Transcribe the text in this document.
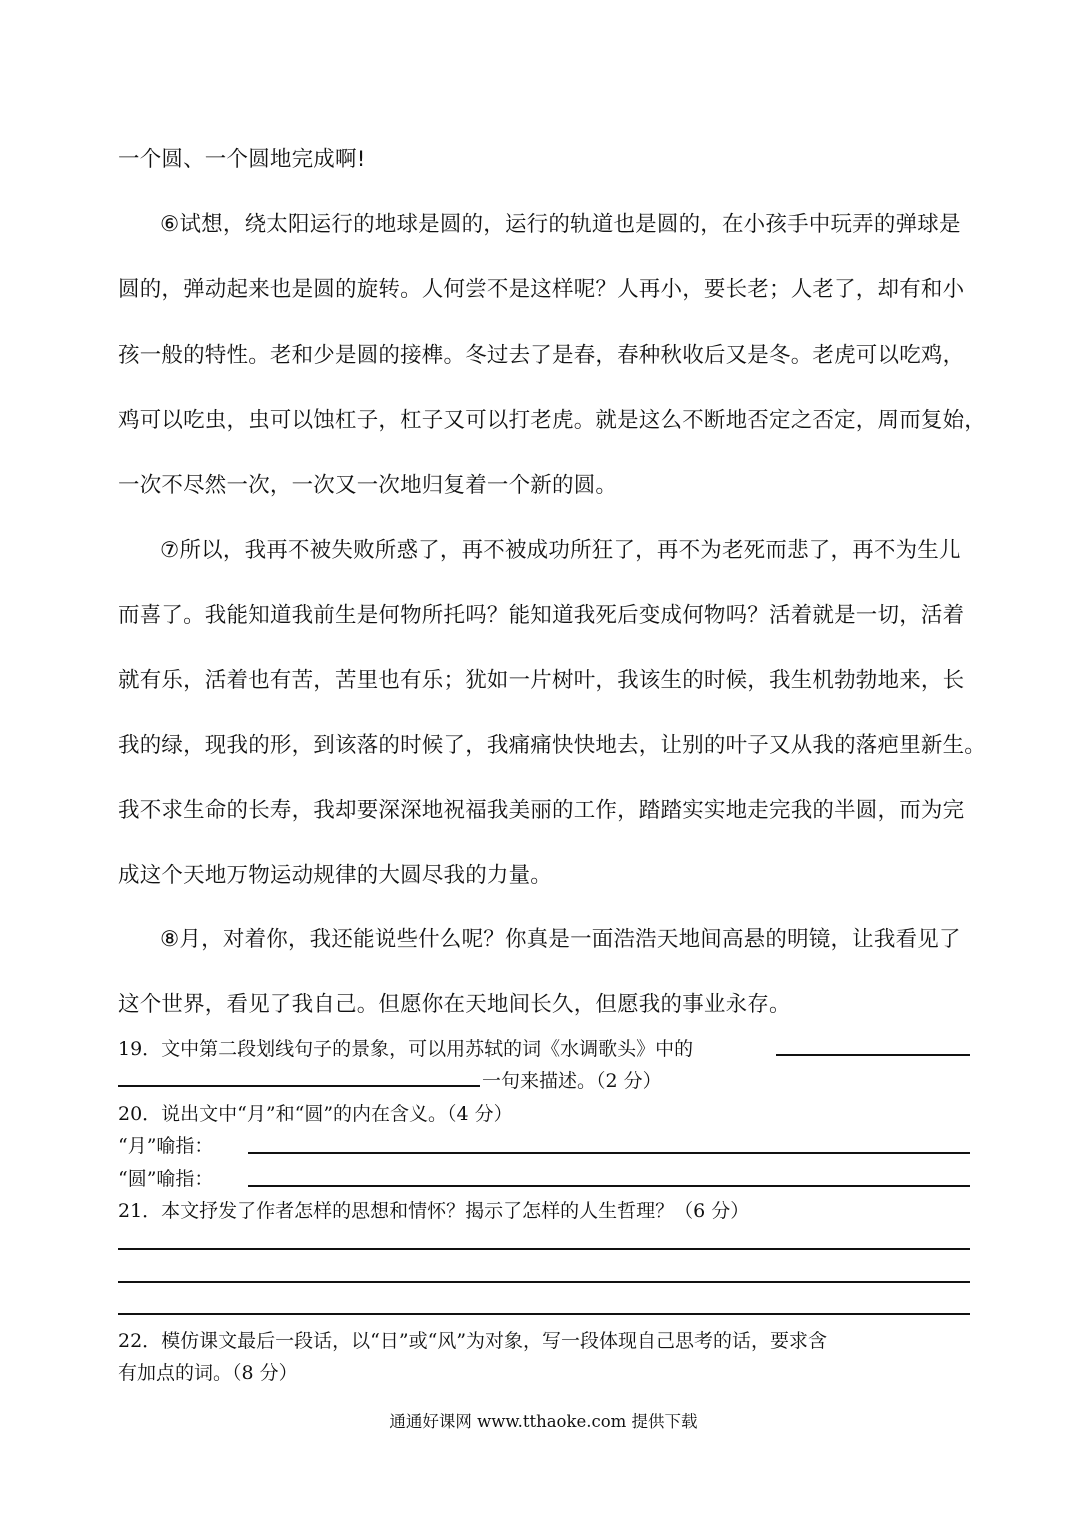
一个圆、一个圆地完成啊!
⑥试想，绕太阳运行的地球是圆的，运行的轨道也是圆的，在小孩手中玩弄的弹球是
圆的，弹动起来也是圆的旋转。人何尝不是这样呢？人再小，要长老；人老了，却有和小
孩一般的特性。老和少是圆的接榫。冬过去了是春，春种秋收后又是冬。老虎可以吃鸡，
鸡可以吃虫，虫可以蚀杠子，杠子又可以打老虎。就是这么不断地否定之否定，周而复始，
一次不尽然一次，一次又一次地归复着一个新的圆。
⑦所以，我再不被失败所惑了，再不被成功所狂了，再不为老死而悲了，再不为生儿
而喜了。我能知道我前生是何物所托吗？能知道我死后变成何物吗？活着就是一切，活着
就有乐，活着也有苦，苦里也有乐；犹如一片树叶，我该生的时候，我生机勃勃地来，长
我的绿，现我的形，到该落的时候了，我痛痛快快地去，让别的叶子又从我的落疤里新生。
我不求生命的长寿，我却要深深地祝福我美丽的工作，踏踏实实地走完我的半圆，而为完
成这个天地万物运动规律的大圆尽我的力量。
⑧月，对着你，我还能说些什么呢？你真是一面浩浩天地间高悬的明镜，让我看见了
这个世界，看见了我自己。但愿你在天地间长久，但愿我的事业永存。
19．文中第二段划线句子的景象，可以用苏轼的词《水调歌头》中的
一句来描述。（2 分）
20．说出文中“月”和“圆”的内在含义。（4 分）
“月”喻指：
“圆”喻指：
21．本文抒发了作者怎样的思想和情怀？揭示了怎样的人生哲理？（6 分）
22．模仿课文最后一段话，以“日”或“风”为对象，写一段体现自己思考的话，要求含
有加点的词。（8 分）
通通好课网 www.tthaoke.com 提供下载
